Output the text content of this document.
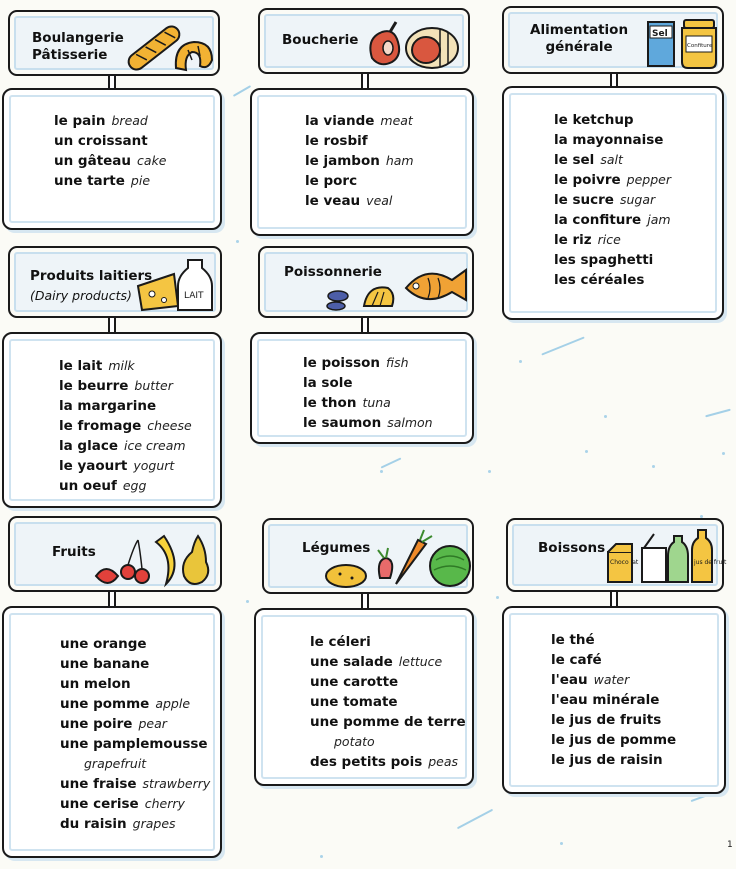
Boulangerie
Pâtisserie
le pain bread
un croissant
un gâteau cake
une tarte pie
Produits laitiers
(Dairy products)	LAIT
le lait milk
le beurre butter
la margarine
le fromage cheese
la glace ice cream
le yaourt yogurt
un oeuf egg
Fruits
une orange
une banane
un melon
une pomme apple
une poire pear
une pamplemousse
grapefruit
une fraise strawberry
une cerise cherry
du raisin grapes
Boucherie
la viande meat
le rosbif
le jambon ham
le porc
le veau veal
Poissonnerie
le poisson fish
la sole
le thon tuna
le saumon salmon
Légumes
le céleri
une salade lettuce
une carotte
une tomate
une pomme de terre
potato
des petits pois peas
Alimentation
générale
Sel
Confiture
le ketchup
la mayonnaise
le sel salt
le poivre pepper
le sucre sugar
la confiture jam
le riz rice
les spaghetti
les céréales
Boissons
Choco lat	jus de fruit
le thé
le café
l'eau water
l'eau minérale
le jus de fruits
le jus de pomme
le jus de raisin
1
